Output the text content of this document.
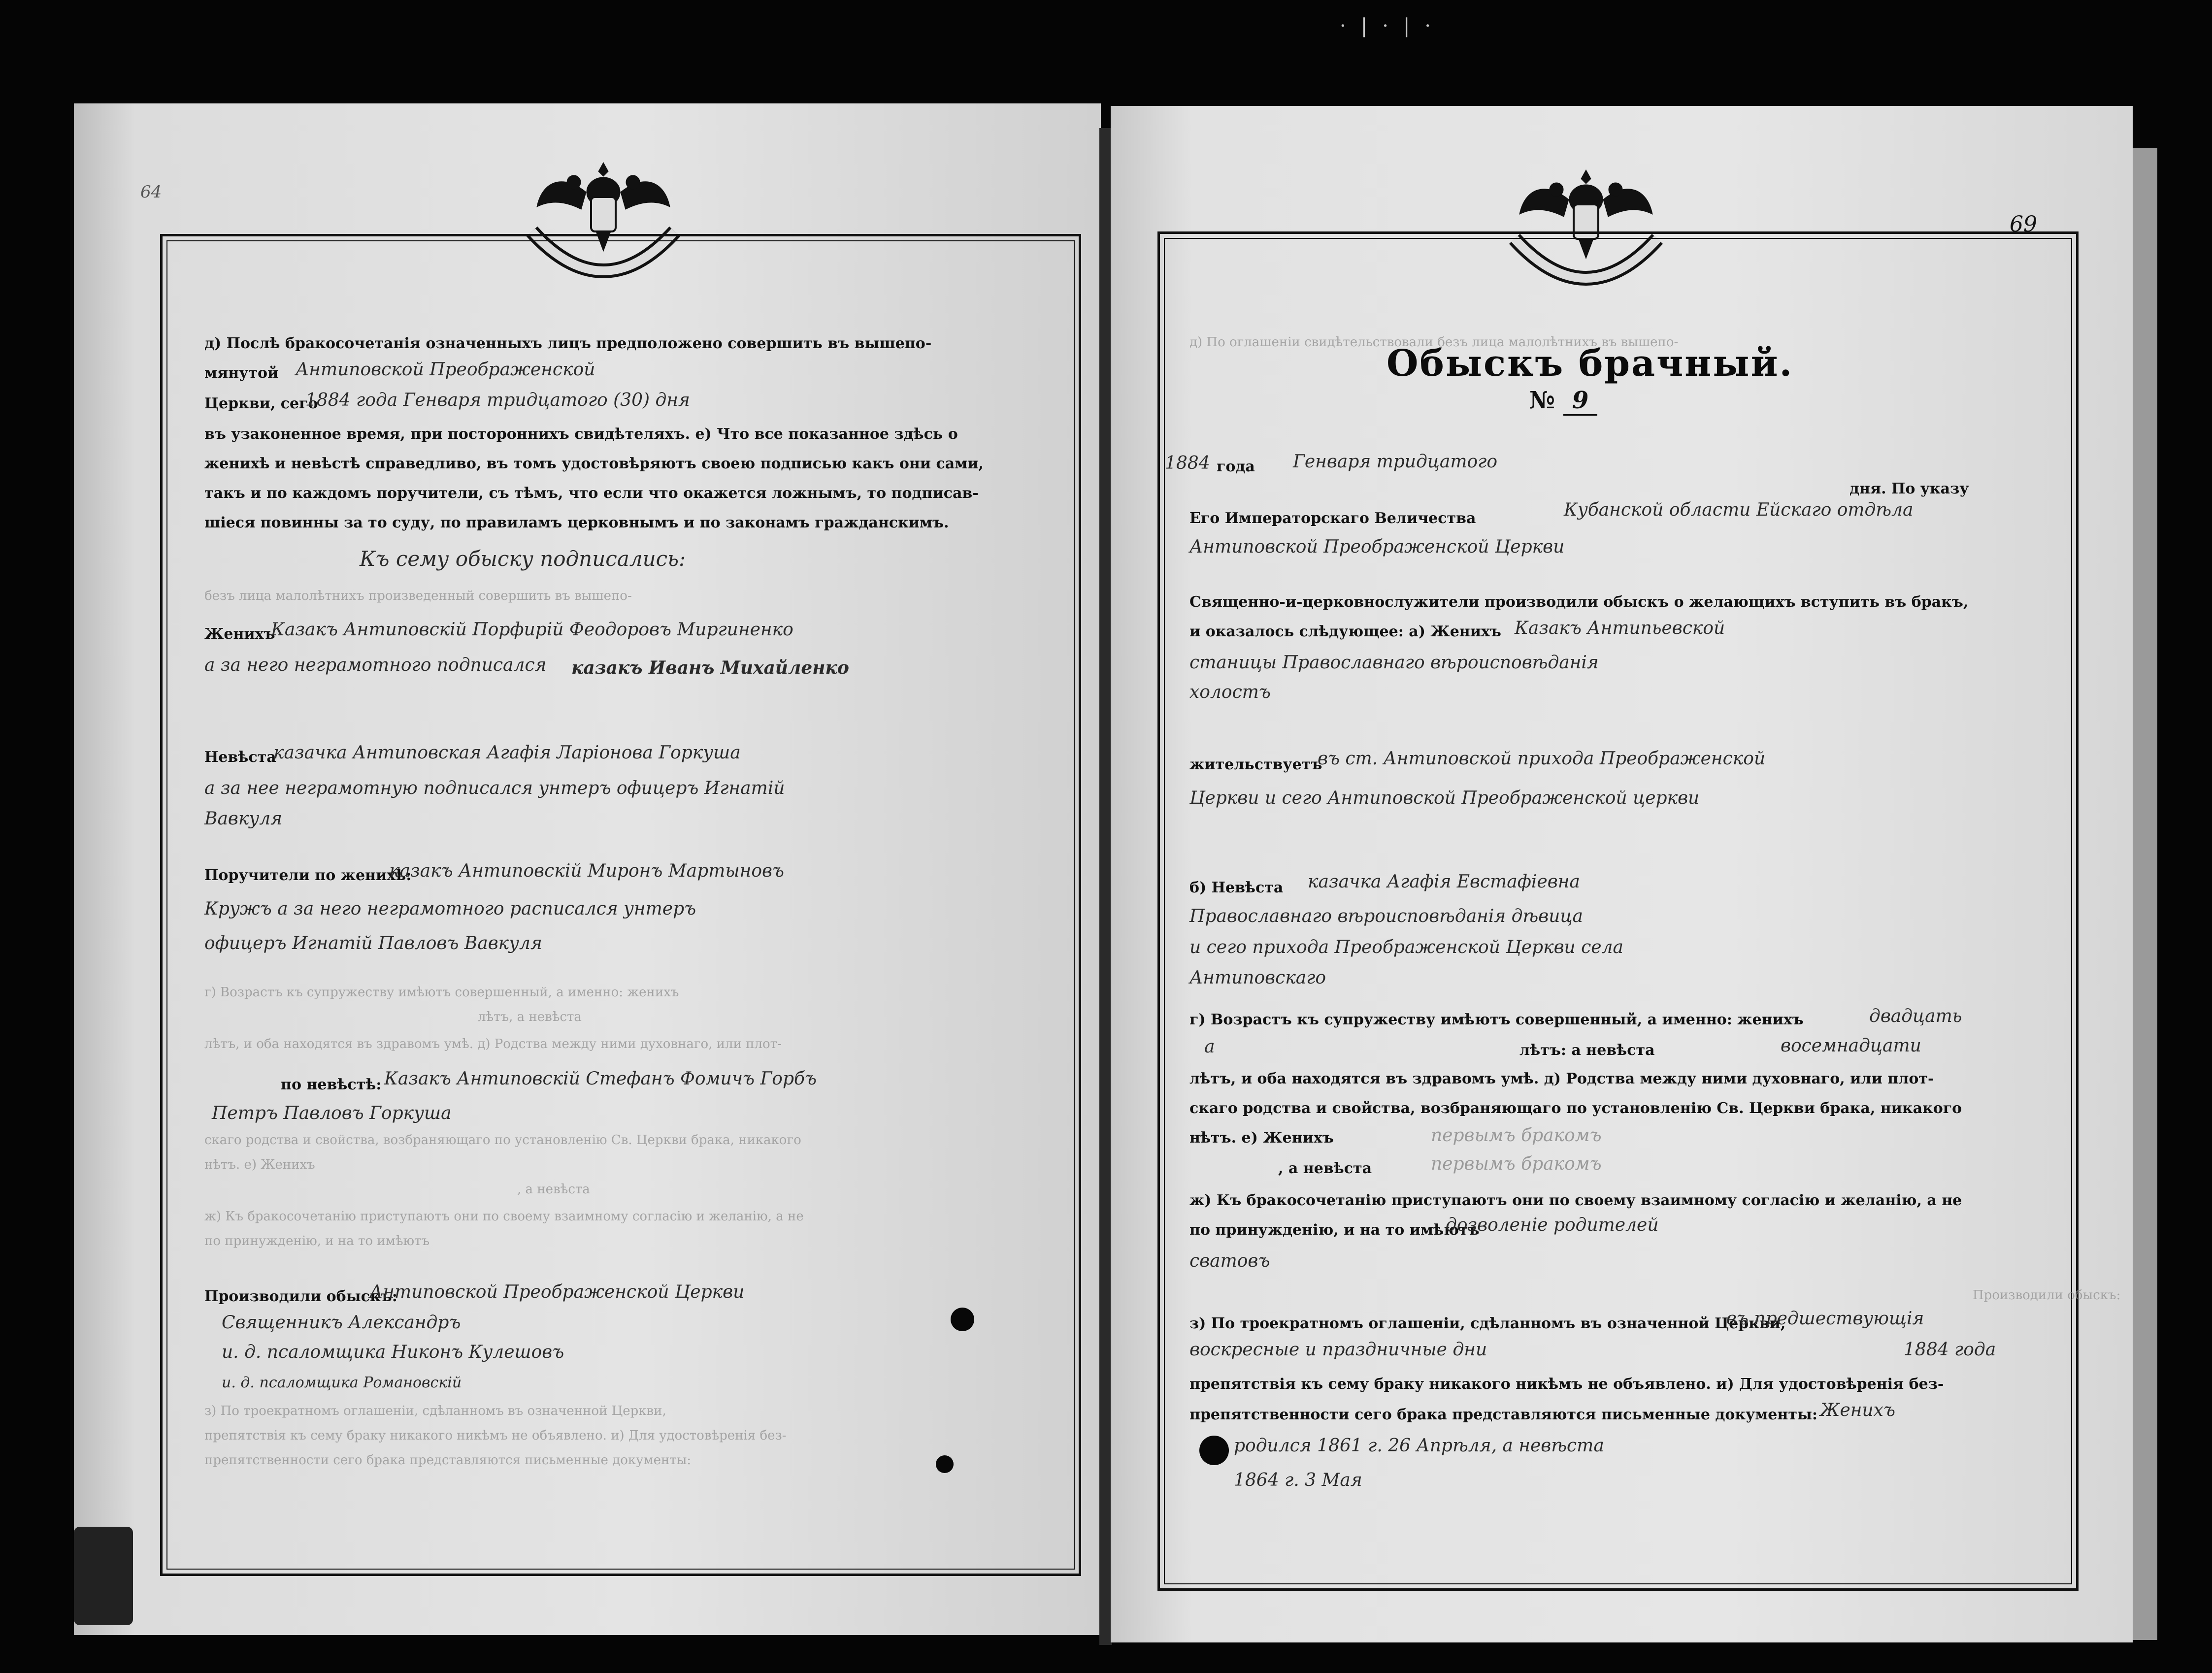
·|·|·
64
д) Послѣ бракосочетанія означенныхъ лицъ предположено совершить въ вышепо-
мянутой Антиповской Преображенской
Церкви, сего
1884 года Генваря тридцатого (30) дня
въ узаконенное время, при постороннихъ свидѣтеляхъ. е) Что все показанное здѣсь о
женихѣ и невѣстѣ справедливо, въ томъ удостовѣряютъ своею подписью какъ они сами,
такъ и по каждомъ поручители, съ тѣмъ, что если что окажется ложнымъ, то подписав-
шіеся повинны за то суду, по правиламъ церковнымъ и по законамъ гражданскимъ.
Къ сему обыску подписались:
безъ лица малолѣтнихъ произведенный совершить въ вышепо-
Женихъ
Казакъ Антиповскій Порфирій Феодоровъ Миргиненко
а за него неграмотного подписался казакъ Иванъ Михайленко
Невѣста
казачка Антиповская Агафія Ларіонова Горкуша
а за нее неграмотную подписался унтеръ офицеръ Игнатій
Вавкуля
Поручители по женихѣ:
казакъ Антиповскій Миронъ Мартыновъ
Кружъ а за него неграмотного расписался унтеръ
офицеръ Игнатій Павловъ Вавкуля
г) Возрастъ къ супружеству имѣютъ совершенный, а именно: женихъ
лѣтъ, а невѣста
лѣтъ, и оба находятся въ здравомъ умѣ. д) Родства между ними духовнаго, или плот-
по невѣстѣ: Казакъ Антиповскій Стефанъ Фомичъ Горбъ
Петръ Павловъ Горкуша
скаго родства и свойства, возбраняющаго по установленію Св. Церкви брака, никакого
нѣтъ. е) Женихъ
, а невѣста
ж) Къ бракосочетанію приступаютъ они по своему взаимному согласію и желанію, а не
по принужденію, и на то имѣютъ
Производили обыскъ:
Антиповской Преображенской Церкви
Священникъ Александръ
и. д. псаломщика Никонъ Кулешовъ
и. д. псаломщика Романовскій
з) По троекратномъ оглашеніи, сдѣланномъ въ означенной Церкви,
препятствія къ сему браку никакого никѣмъ не объявлено. и) Для удостовѣренія без-
препятственности сего брака представляются письменные документы:
69
д) По оглашеніи свидѣтельствовали безъ лица малолѣтнихъ въ вышепо-
Обыскъ брачный.
№ 9
1884 года Генваря тридцатого
дня. По указу
Его Императорскаго Величества	Кубанской области Ейскаго отдѣла
Антиповской Преображенской Церкви
Священно-и-церковнослужители производили обыскъ о желающихъ вступить въ бракъ,
и оказалось слѣдующее: а) Женихъ Казакъ Антипьевской
станицы Православнаго вѣроисповѣданія
холостъ
жительствуетъ
въ ст. Антиповской прихода Преображенской
Церкви и сего Антиповской Преображенской церкви
б) Невѣста казачка Агафія Евстафіевна
Православнаго вѣроисповѣданія дѣвица
и сего прихода Преображенской Церкви села
Антиповскаго
г) Возрастъ къ супружеству имѣютъ совершенный, а именно: женихъ	двадцать
а	лѣтъ: а невѣста	восемнадцати
лѣтъ, и оба находятся въ здравомъ умѣ. д) Родства между ними духовнаго, или плот-
скаго родства и свойства, возбраняющаго по установленію Св. Церкви брака, никакого
нѣтъ. е) Женихъ	первымъ бракомъ
, а невѣста	первымъ бракомъ
ж) Къ бракосочетанію приступаютъ они по своему взаимному согласію и желанію, а не
по принужденію, и на то имѣютъ
дозволеніе родителей
сватовъ
Производили обыскъ:
з) По троекратномъ оглашеніи, сдѣланномъ въ означенной Церкви,
въ предшествующія
воскресные и праздничные дни	1884 года
препятствія къ сему браку никакого никѣмъ не объявлено. и) Для удостовѣренія без-
препятственности сего брака представляются письменные документы: Женихъ
родился 1861 г. 26 Апрѣля, а невѣста
1864 г. 3 Мая
